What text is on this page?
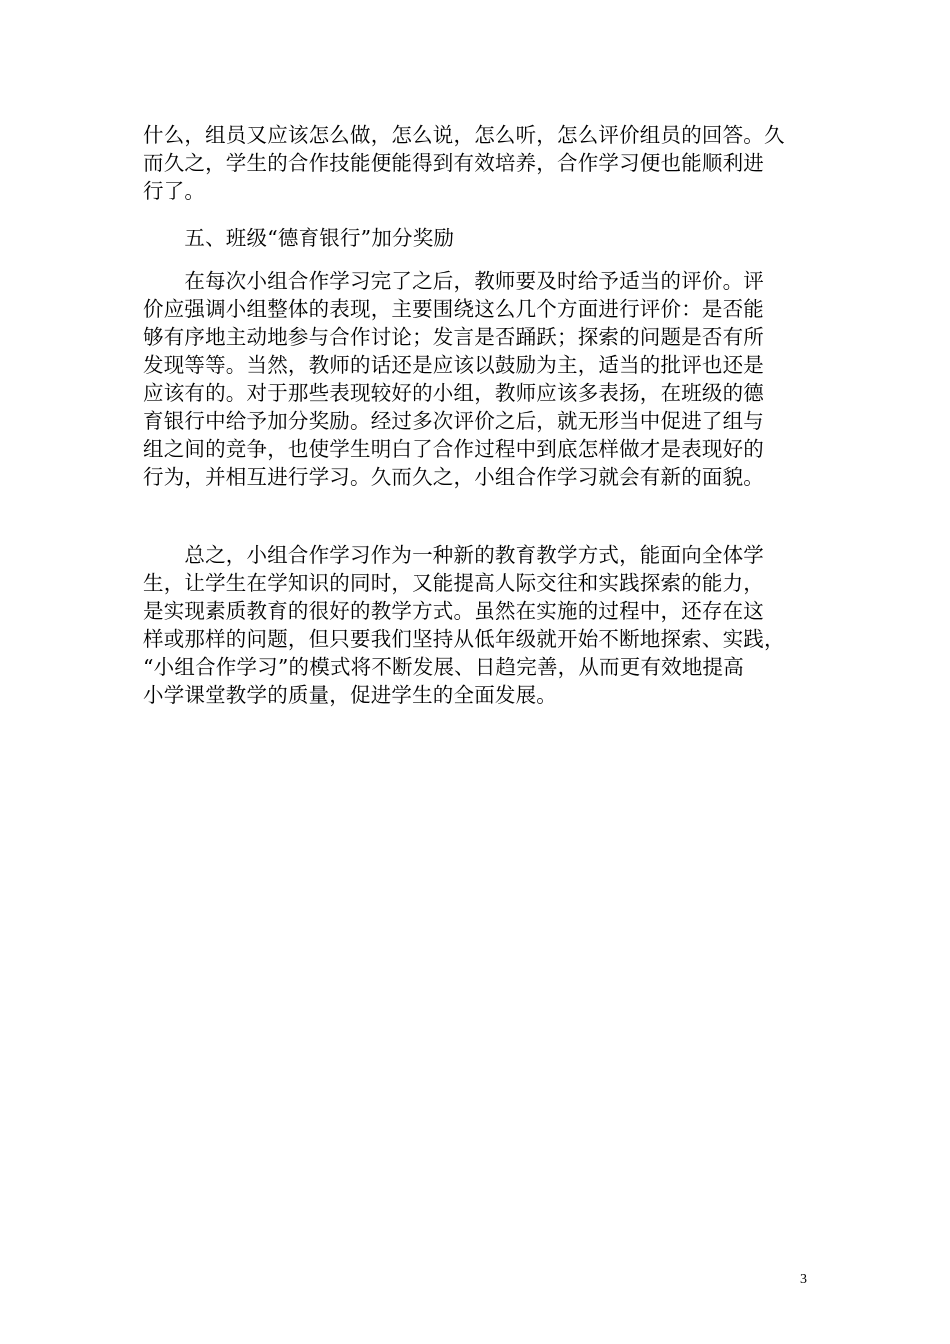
什么，组员又应该怎么做，怎么说，怎么听，怎么评价组员的回答。久
而久之，学生的合作技能便能得到有效培养，合作学习便也能顺利进
行了。

　　五、班级“德育银行”加分奖励

　　在每次小组合作学习完了之后，教师要及时给予适当的评价。评
价应强调小组整体的表现，主要围绕这么几个方面进行评价：是否能
够有序地主动地参与合作讨论；发言是否踊跃；探索的问题是否有所
发现等等。当然，教师的话还是应该以鼓励为主，适当的批评也还是
应该有的。对于那些表现较好的小组，教师应该多表扬，在班级的德
育银行中给予加分奖励。经过多次评价之后，就无形当中促进了组与
组之间的竞争，也使学生明白了合作过程中到底怎样做才是表现好的
行为，并相互进行学习。久而久之，小组合作学习就会有新的面貌。

　　总之，小组合作学习作为一种新的教育教学方式，能面向全体学
生，让学生在学知识的同时，又能提高人际交往和实践探索的能力，
是实现素质教育的很好的教学方式。虽然在实施的过程中，还存在这
样或那样的问题，但只要我们坚持从低年级就开始不断地探索、实践，
“小组合作学习”的模式将不断发展、日趋完善，从而更有效地提高
小学课堂教学的质量，促进学生的全面发展。

3
